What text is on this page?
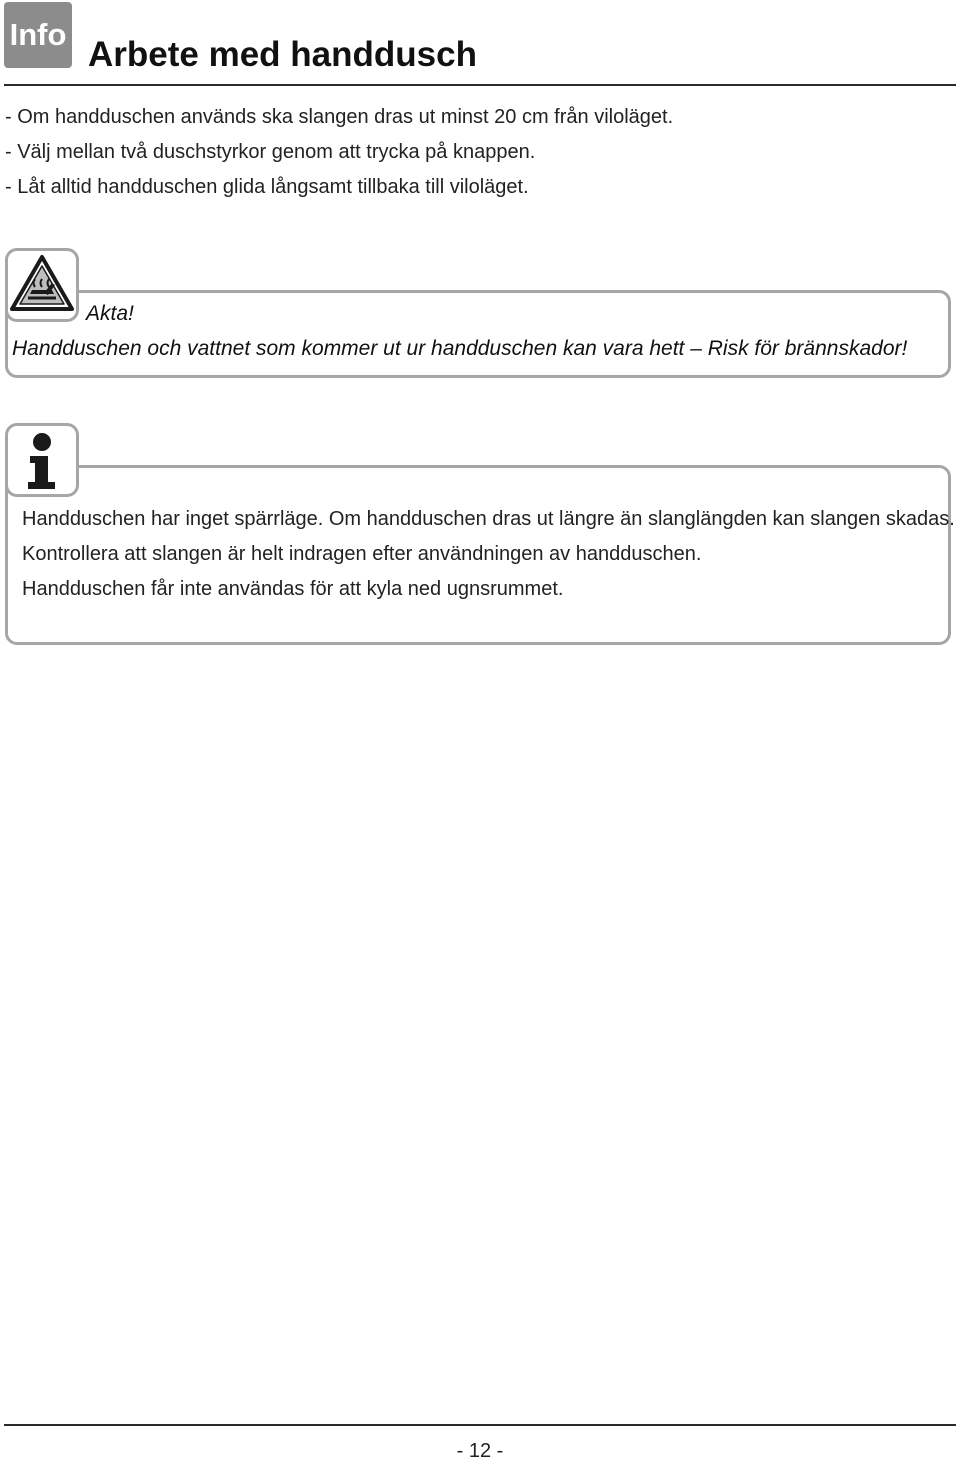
Info
Arbete med handdusch
- Om handduschen används ska slangen dras ut minst 20 cm från viloläget.
- Välj mellan två duschstyrkor genom att trycka på knappen.
- Låt alltid handduschen glida långsamt tillbaka till viloläget.
Akta!
Handduschen och vattnet som kommer ut ur handduschen kan vara hett – Risk för brännskador!
Handduschen har inget spärrläge. Om handduschen dras ut längre än slanglängden kan slangen skadas.
Kontrollera att slangen är helt indragen efter användningen av handduschen.
Handduschen får inte användas för att kyla ned ugnsrummet.
- 12 -
